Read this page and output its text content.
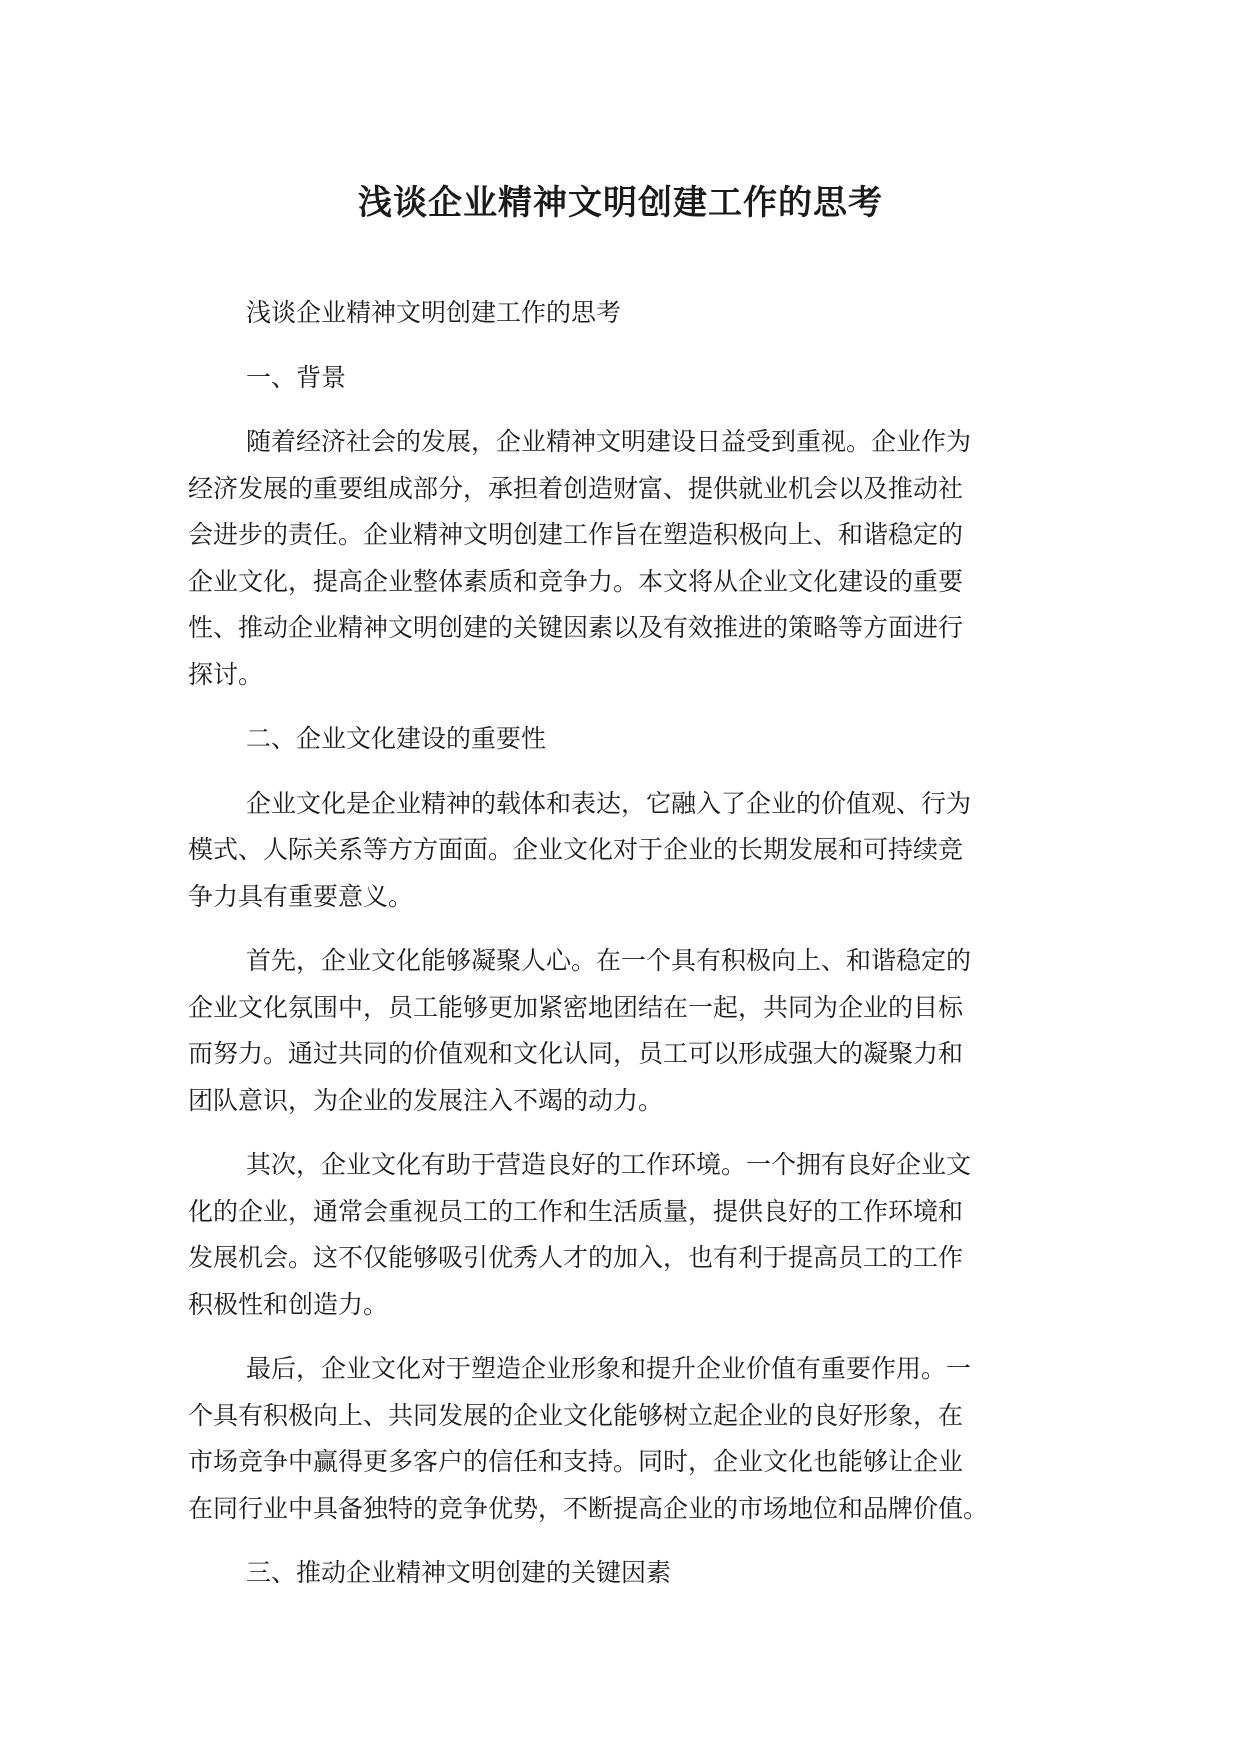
浅谈企业精神文明创建工作的思考

浅谈企业精神文明创建工作的思考

一、背景

随着经济社会的发展，企业精神文明建设日益受到重视。企业作为

经济发展的重要组成部分，承担着创造财富、提供就业机会以及推动社

会进步的责任。企业精神文明创建工作旨在塑造积极向上、和谐稳定的

企业文化，提高企业整体素质和竞争力。本文将从企业文化建设的重要

性、推动企业精神文明创建的关键因素以及有效推进的策略等方面进行

探讨。

二、企业文化建设的重要性

企业文化是企业精神的载体和表达，它融入了企业的价值观、行为

模式、人际关系等方方面面。企业文化对于企业的长期发展和可持续竞

争力具有重要意义。

首先，企业文化能够凝聚人心。在一个具有积极向上、和谐稳定的

企业文化氛围中，员工能够更加紧密地团结在一起，共同为企业的目标

而努力。通过共同的价值观和文化认同，员工可以形成强大的凝聚力和

团队意识，为企业的发展注入不竭的动力。

其次，企业文化有助于营造良好的工作环境。一个拥有良好企业文

化的企业，通常会重视员工的工作和生活质量，提供良好的工作环境和

发展机会。这不仅能够吸引优秀人才的加入，也有利于提高员工的工作

积极性和创造力。

最后，企业文化对于塑造企业形象和提升企业价值有重要作用。一

个具有积极向上、共同发展的企业文化能够树立起企业的良好形象，在

市场竞争中赢得更多客户的信任和支持。同时，企业文化也能够让企业

在同行业中具备独特的竞争优势，不断提高企业的市场地位和品牌价值。

三、推动企业精神文明创建的关键因素
